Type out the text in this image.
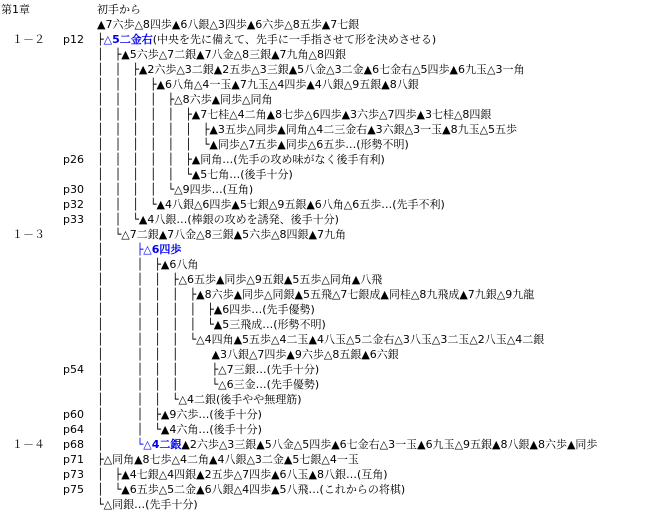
第1章	初手から
▲7六歩△8四歩▲6八銀△3四歩▲6六歩△8五歩▲7七銀
　１－２ p12 ├△5二金右(中央を先に備えて、先手に一手指させて形を決めさせる)
│　├▲5六歩△7二銀▲7八金△8三銀▲7九角△8四銀
│　│　├▲2六歩△3二銀▲2五歩△3三銀▲5八金△3二金▲6七金右△5四歩▲6九玉△3一角
│　│　│　├▲6八角△4一玉▲7九玉△4四歩▲4八銀△9五銀▲8八銀
│　│　│　│　├△8六歩▲同歩△同角
│　│　│　│　│　├▲7七桂△4二角▲8七歩△6四歩▲3六歩△7四歩▲3七桂△8四銀
│　│　│　│　│　│　├▲3五歩△同歩▲同角△4二三金右▲3六銀△3一玉▲8九玉△5五歩
│　│　│　│　│　│　└▲同歩△7五歩▲同歩△6五歩…(形勢不明)
p26 │　│　│　│　│　├▲同角…(先手の攻め味がなく後手有利)
│　│　│　│　│　└▲5七角…(後手十分)
p30 │　│　│　│　└△9四歩…(互角)
p32 │　│　│　└▲4八銀△6四歩▲5七銀△9五銀▲6八角△6五歩…(先手不利)
p33 │　│　└▲4八銀…(棒銀の攻めを誘発、後手十分)
　１－３	│　└△7二銀▲7八金△8三銀▲5六歩△8四銀▲7九角
│　　　├△6四歩
│　　　│　├▲6八角
│　　　│　│　├△6五歩▲同歩△9五銀▲5五歩△同角▲八飛
│　　　│　│　│　├▲8六歩▲同歩△同銀▲5五飛△7七銀成▲同桂△8九飛成▲7九銀△9九龍
│　　　│　│　│　│　├▲6四歩…(先手優勢)
│　　　│　│　│　│　└▲5三飛成…(形勢不明)
│　　　│　│　│　└△4四角▲5五歩△4二玉▲4八玉△5二金右△3八玉△3二玉△2八玉△4二銀
│　　　│　│　│　　　▲3八銀△7四歩▲9六歩△8五銀▲6六銀
p54 │　　　│　│　│　　　├△7三銀…(先手十分)
│　　　│　│　│　　　└△6三金…(先手優勢)
│　　　│　│　└△4二銀(後手やや無理筋)
p60 │　　　│　├▲9六歩…(後手十分)
p64 │　　　│　└▲4六角…(後手十分)
　１－４ p68 │　　　└△4二銀▲2六歩△3三銀▲5八金△5四歩▲6七金右△3一玉▲6九玉△9五銀▲8八銀▲8六歩▲同歩
p71 ├△同角▲8七歩△4二角▲4八銀△3二金▲5七銀△4一玉
p73 │　├▲4七銀△4四銀▲2五歩△7四歩▲6八玉▲8八銀…(互角)
p75 │　└▲6五歩△5二金▲6八銀△4四歩▲5八飛…(これからの将棋)
└△同銀…(先手十分)
